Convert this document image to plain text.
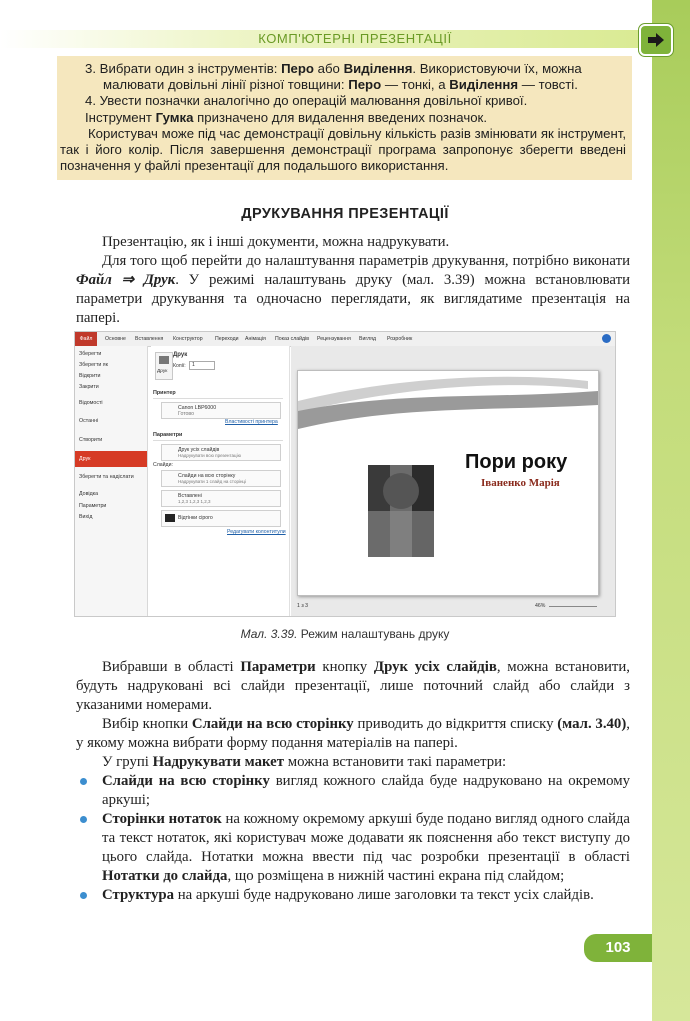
КОМП'ЮТЕРНІ ПРЕЗЕНТАЦІЇ

3. Вибрати один з інструментів: Перо або Виділення. Використовуючи їх, можна малювати довільні лінії різної товщини: Перо — тонкі, а Виділення — товсті.

4. Увести позначки аналогічно до операцій малювання довільної кривої.

Інструмент Гумка призначено для видалення введених позначок.

Користувач може під час демонстрації довільну кількість разів змінювати як інструмент, так і його колір. Після завершення демонстрації програма запропонує зберегти введені позначення у файлі презентації для подальшого використання.

ДРУКУВАННЯ ПРЕЗЕНТАЦІЇ

Презентацію, як і інші документи, можна надрукувати.

Для того щоб перейти до налаштування параметрів друкування, потрібно виконати Файл ⇒ Друк. У режимі налаштувань друку (мал. 3.39) можна встановлювати параметри друкування та одночасно переглядати, як виглядатиме презентація на папері.

Файл	Основне Вставлення Конструктор Переходи Анімація Показ слайдів Рецензування Вигляд Розробник
Зберегти
Зберегти як
Відкрити
Закрити
Відомості
Останні
Створити
Друк
Зберегти та надіслати
Довідка
Параметри
Вихід
Друк
Друк
Копії:	1
Принтер
Canon LBP6000
Готово
Властивості принтера
Параметри
Друк усіх слайдів
Надрукувати всю презентацію
Слайди:
Слайди на всю сторінку
Надрукувати 1 слайд на сторінці
Вставлені
1,2,3 1,2,3 1,2,3
Відтінки сірого
Редагувати колонтитули
Пори року
Іваненко Марія
1 з 3	46%
Мал. 3.39. Режим налаштувань друку

Вибравши в області Параметри кнопку Друк усіх слайдів, можна встановити, будуть надруковані всі слайди презентації, лише поточний слайд або слайди з указаними номерами.

Вибір кнопки Слайди на всю сторінку приводить до відкриття списку (мал. 3.40), у якому можна вибрати форму подання матеріалів на папері.

У групі Надрукувати макет можна встановити такі параметри:

Слайди на всю сторінку вигляд кожного слайда буде надруковано на окремому аркуші;

Сторінки нотаток на кожному окремому аркуші буде подано вигляд одного слайда та текст нотаток, які користувач може додавати як пояснення або текст виступу до цього слайда. Нотатки можна ввести під час розробки презентації в області Нотатки до слайда, що розміщена в нижній частині екрана під слайдом;

Структура на аркуші буде надруковано лише заголовки та текст усіх слайдів.

103
